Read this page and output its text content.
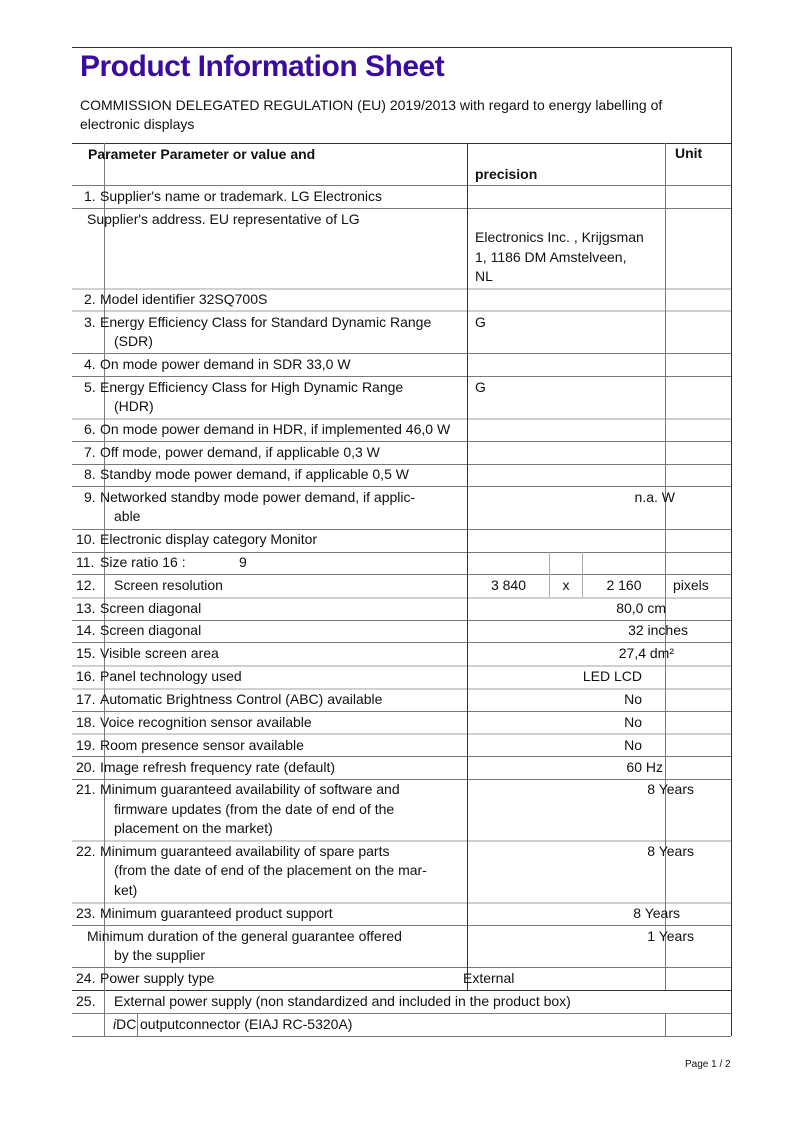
Product Information Sheet
COMMISSION DELEGATED REGULATION (EU) 2019/2013 with regard to energy labelling of electronic displays
Parameter Parameter or value and
precision
Unit
1. Supplier's name or trademark. LG Electronics
Supplier's address. EU representative of LG
Electronics Inc. , Krijgsman
1, 1186 DM Amstelveen,
NL
2. Model identifier 32SQ700S
3. Energy Efficiency Class for Standard Dynamic Range
(SDR)
G
4. On mode power demand in SDR 33,0 W
5. Energy Efficiency Class for High Dynamic Range
(HDR)
G
6. On mode power demand in HDR, if implemented 46,0 W
7. Off mode, power demand, if applicable 0,3 W
8. Standby mode power demand, if applicable 0,5 W
9. Networked standby mode power demand, if applic-
able
n.a. W
10. Electronic display category Monitor
11. Size ratio 16 :	9
12. Screen resolution	3 840	x	2 160	pixels
13. Screen diagonal	80,0 cm
14. Screen diagonal	32 inches
15. Visible screen area	27,4 dm²
16. Panel technology used	LED LCD
17. Automatic Brightness Control (ABC) available	No
18. Voice recognition sensor available	No
19. Room presence sensor available	No
20. Image refresh frequency rate (default)	60 Hz
21. Minimum guaranteed availability of software and
firmware updates (from the date of end of the
placement on the market)
8 Years
22. Minimum guaranteed availability of spare parts
(from the date of end of the placement on the mar-
ket)
8 Years
23. Minimum guaranteed product support	8 Years
Minimum duration of the general guarantee offered
by the supplier
1 Years
24. Power supply type	External
25. External power supply (non standardized and included in the product box)
iDC outputconnector (EIAJ RC-5320A)
Page 1 / 2
